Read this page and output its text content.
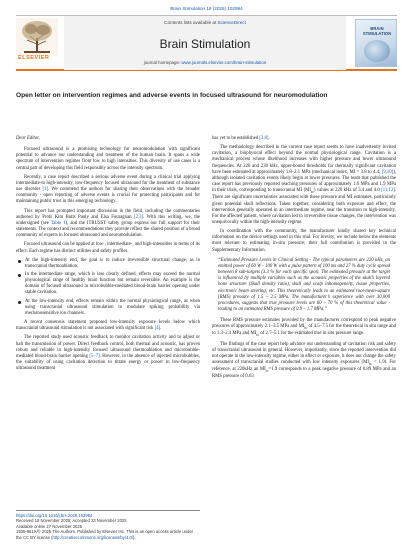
Brain Stimulation 19 (2026) 102994
ELSEVIER
Contents lists available at ScienceDirect
Brain Stimulation
journal homepage: www.journals.elsevier.com/brain-stimulation
BRAIN STIMULATION
Open letter on intervention regimes and adverse events in focused ultrasound for neuromodulation

Dear Editor,

Focused ultrasound is a promising technology for neuromodulation with significant potential to advance our understanding and treatment of the human brain. It spans a wide spectrum of intervention regimes from low to high intensities. This diversity of use cases is a central part of developing this field responsibly across the intensity spectrum.

Recently, a case report described a serious adverse event during a clinical trial applying intermediate-to high-intensity, low-frequency focused ultrasound for the treatment of substance use disorder [1]. We commend the authors for sharing their observations with the broader community - open reporting of adverse events is crucial for protecting participants and for maintaining public trust in this emerging technology.

This report has prompted important discussion in the field, including the commentaries authored by Profs Kim Butts Pauly and Elsa Fouragnan [2,3]. With this writing, we, the undersigned (see Table 1), and the ITRUSST safety group express our full support for their statements. The context and recommendations they provide reflect the shared position of a broad community of experts in focused ultrasound and neuromodulation.

Focused ultrasound can be applied at low-, intermediate-, and high-intensities in terms of its effect. Each regime has distinct utilities and safety profiles.

At the high-intensity end, the goal is to induce irreversible structural change, as in transcranial thermoablation.
In the intermediate range, which is less clearly defined, effects may exceed the normal physiological range of healthy brain function but remain reversible. An example is the domain of focused ultrasound in microbubble-mediated blood-brain barrier opening under stable cavitation.
At the low-intensity end, effects remain within the normal physiological range, as when using transcranial ultrasound stimulation to modulate spiking probability via mechanosensitive ion channels.

A recent consensus statement proposed low-intensity exposure levels below which transcranial ultrasound stimulation is not associated with significant risk [4].

The reported study used acoustic feedback to monitor cavitation activity and to adjust or halt the transmission of power. Direct feedback control, both thermal and acoustic, has proven robust and reliable in high-intensity focused ultrasound thermoablation and microbubble-mediated blood-brain barrier opening [5–7]. However, in the absence of injected microbubbles, the suitability of using cavitation detection to titrate energy or power in low-frequency ultrasound treatment

has yet to be established [3,8].

The methodology described in the current case report seems to have inadvertently invited cavitation, a biophysical effect beyond the normal physiological range. Cavitation is a mechanical process whose likelihood increases with higher pressure and lower ultrasound frequencies. At 220 and 230 kHz, upper-bound thresholds for thermally significant cavitation have been estimated at approximately 1.8–2.1 MPa (mechanical index, MI = 3.8 to 4.4; [9,10]), although isolated cavitation events likely begin at lower pressures. The team that published the case report has previously reported reaching pressures of approximately 1.6 MPa and 1.9 MPa in their trials, corresponding to transcranial MI $(MI_{tc})$ values at 220 kHz of 3.4 and 4.0 [11,12]. There are significant uncertainties associated with these pressure and MI estimates, particularly given potential skull reflections. Taken together, considering both exposure and effect, the intervention generally operated in an intermediate regime, near the transition to high-intensity. For the affected patient, where cavitation led to irreversible tissue changes, the intervention was unequivocally within the high-intensity regime.

In coordination with the community, the manufacturer kindly shared key technical information on the device settings used in this trial. For brevity, we include below the elements most relevant to estimating in-situ pressure; their full contribution is provided in the Supplementary Information.

“Estimated Pressure Levels in Clinical Setting - The typical parameters are 220 kHz, an emitted power of 60 W - 100 W with a pulse pattern of 100 ms and 27 % duty cycle spread between 8 sub-targets (3.3 % for each specific spot). The estimated pressure at the target is influenced by multiple variables such as the acoustic properties of the skull’s layered bone structure (Skull density ratio), skull and scalp inhomogeneity, tissue properties, electronic beam steering, etc. This theoretically leads to an estimated root-mean-square (RMS) pressure of 1.5 – 2.5 MPa. The manufacturer’s experience with over 30,000 procedures, suggests that true pressure levels are 60 – 70 % of this theoretical value - leading to an estimated RMS pressure of 0.9 – 1.7 MPa.”

These RMS pressure estimates provided by the manufacturer correspond to peak negative pressures of approximately 2.1–3.5 MPa and $MI_{tc}$ of 4.5–7.5 for the theoretical in situ range and to 1.3–2.4 MPa and $MI_{tc}$ of 2.7–5.1 for the estimated true in situ pressure range.

The findings of the case report help advance our understanding of cavitation risk and safety of transcranial ultrasound in general. However, importantly, since the reported intervention did not operate in the low-intensity regime, either in effect or exposure, it does not change the safety assessment of transcranial studies conducted with low intensity exposures $(MI_{tc} < 1.9)$. For reference, at 220kHz an $MI_{tc}=1.9$ corresponds to a peak negative pressure of 0.89 MPa and an RMS pressure of 0.63

https://doi.org/10.1016/j.brs.2025.102994
Received 18 November 2025; Accepted 23 November 2025
Available online 27 November 2025
1935-861X/© 2025 The Authors. Published by Elsevier Inc. This is an open access article under the CC BY license (http://creativecommons.org/licenses/by/4.0/).
